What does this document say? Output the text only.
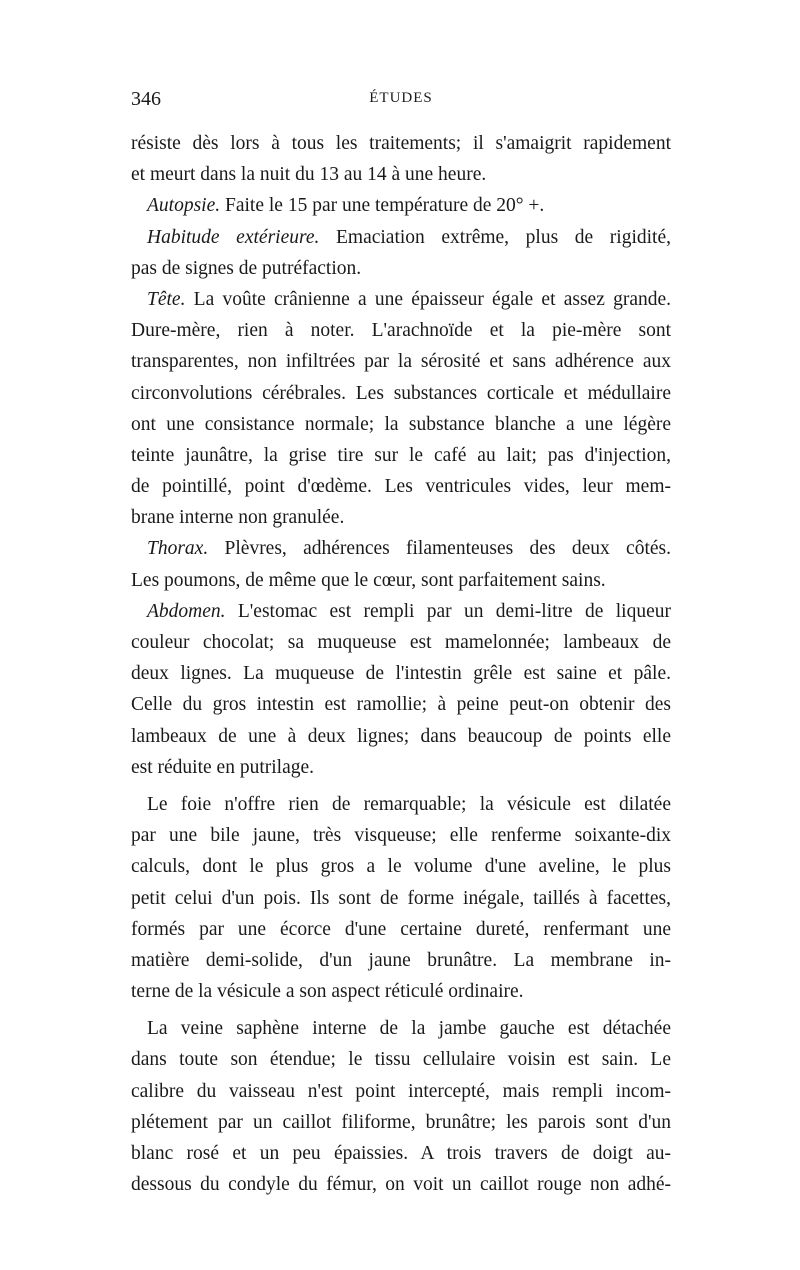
346	ÉTUDES
résiste dès lors à tous les traitements; il s'amaigrit rapidement
et meurt dans la nuit du 13 au 14 à une heure.
Autopsie. Faite le 15 par une température de 20° +.
Habitude extérieure. Emaciation extrême, plus de rigidité,
pas de signes de putréfaction.
Tête. La voûte crânienne a une épaisseur égale et assez grande.
Dure-mère, rien à noter. L'arachnoïde et la pie-mère sont
transparentes, non infiltrées par la sérosité et sans adhérence aux
circonvolutions cérébrales. Les substances corticale et médullaire
ont une consistance normale; la substance blanche a une légère
teinte jaunâtre, la grise tire sur le café au lait; pas d'injection,
de pointillé, point d'œdème. Les ventricules vides, leur mem-
brane interne non granulée.
Thorax. Plèvres, adhérences filamenteuses des deux côtés.
Les poumons, de même que le cœur, sont parfaitement sains.
Abdomen. L'estomac est rempli par un demi-litre de liqueur
couleur chocolat; sa muqueuse est mamelonnée; lambeaux de
deux lignes. La muqueuse de l'intestin grêle est saine et pâle.
Celle du gros intestin est ramollie; à peine peut-on obtenir des
lambeaux de une à deux lignes; dans beaucoup de points elle
est réduite en putrilage.
Le foie n'offre rien de remarquable; la vésicule est dilatée
par une bile jaune, très visqueuse; elle renferme soixante-dix
calculs, dont le plus gros a le volume d'une aveline, le plus
petit celui d'un pois. Ils sont de forme inégale, taillés à facettes,
formés par une écorce d'une certaine dureté, renfermant une
matière demi-solide, d'un jaune brunâtre. La membrane in-
terne de la vésicule a son aspect réticulé ordinaire.
La veine saphène interne de la jambe gauche est détachée
dans toute son étendue; le tissu cellulaire voisin est sain. Le
calibre du vaisseau n'est point intercepté, mais rempli incom-
plétement par un caillot filiforme, brunâtre; les parois sont d'un
blanc rosé et un peu épaissies. A trois travers de doigt au-
dessous du condyle du fémur, on voit un caillot rouge non adhé-
